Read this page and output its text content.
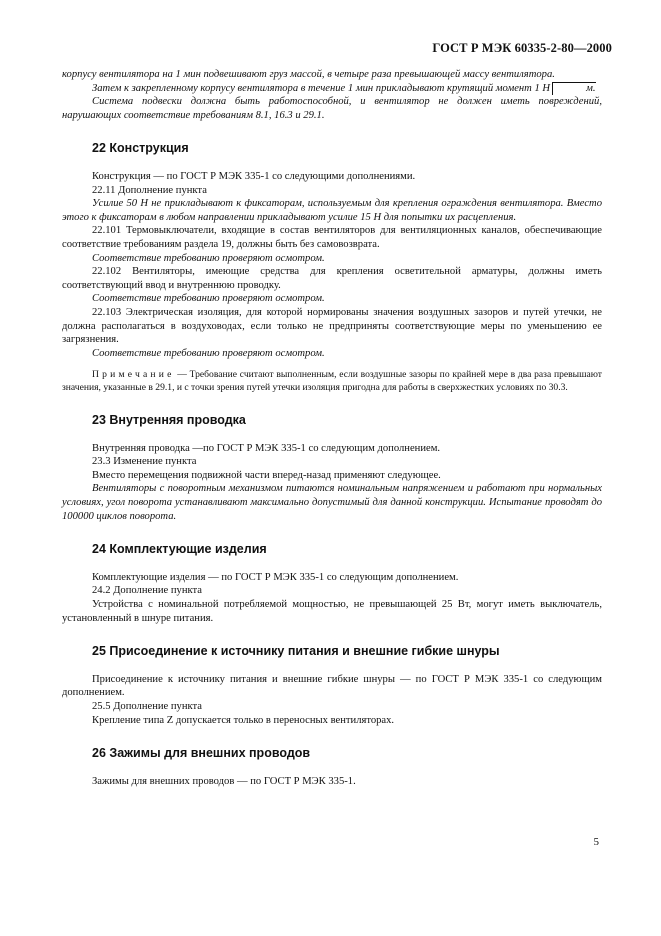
ГОСТ Р МЭК 60335-2-80—2000

корпусу вентилятора на 1 мин подвешивают груз массой, в четыре раза превышающей массу вентилятора.

Затем к закрепленному корпусу вентилятора в течение 1 мин прикладывают крутящий момент 1 Н	м.

Система подвески должна быть работоспособной, и вентилятор не должен иметь повреждений, нарушающих соответствие требованиям 8.1, 16.3 и 29.1.

22 Конструкция

Конструкция — по ГОСТ Р МЭК 335-1 со следующими дополнениями.

22.11 Дополнение пункта

Усилие 50 Н не прикладывают к фиксаторам, используемым для крепления ограждения вентилятора. Вместо этого к фиксаторам в любом направлении прикладывают усилие 15 Н для попытки их расцепления.

22.101 Термовыключатели, входящие в состав вентиляторов для вентиляционных каналов, обеспечивающие соответствие требованиям раздела 19, должны быть без самовозврата.

Соответствие требованию проверяют осмотром.

22.102 Вентиляторы, имеющие средства для крепления осветительной арматуры, должны иметь соответствующий ввод и внутреннюю проводку.

Соответствие требованию проверяют осмотром.

22.103 Электрическая изоляция, для которой нормированы значения воздушных зазоров и путей утечки, не должна располагаться в воздуховодах, если только не предприняты соответствующие меры по уменьшению ее загрязнения.

Соответствие требованию проверяют осмотром.

Примечание — Требование считают выполненным, если воздушные зазоры по крайней мере в два раза превышают значения, указанные в 29.1, и с точки зрения путей утечки изоляция пригодна для работы в сверхжестких условиях по 30.3.

23 Внутренняя проводка

Внутренняя проводка —по ГОСТ Р МЭК 335-1 со следующим дополнением.

23.3 Изменение пункта

Вместо перемещения подвижной части вперед-назад применяют следующее.

Вентиляторы с поворотным механизмом питаются номинальным напряжением и работают при нормальных условиях, угол поворота устанавливают максимально допустимый для данной конструкции. Испытание проводят до 100000 циклов поворота.

24 Комплектующие изделия

Комплектующие изделия — по ГОСТ Р МЭК 335-1 со следующим дополнением.

24.2 Дополнение пункта

Устройства с номинальной потребляемой мощностью, не превышающей 25 Вт, могут иметь выключатель, установленный в шнуре питания.

25 Присоединение к источнику питания и внешние гибкие шнуры

Присоединение к источнику питания и внешние гибкие шнуры — по ГОСТ Р МЭК 335-1 со следующим дополнением.

25.5 Дополнение пункта

Крепление типа Z допускается только в переносных вентиляторах.

26 Зажимы для внешних проводов

Зажимы для внешних проводов — по ГОСТ Р МЭК 335-1.

5
